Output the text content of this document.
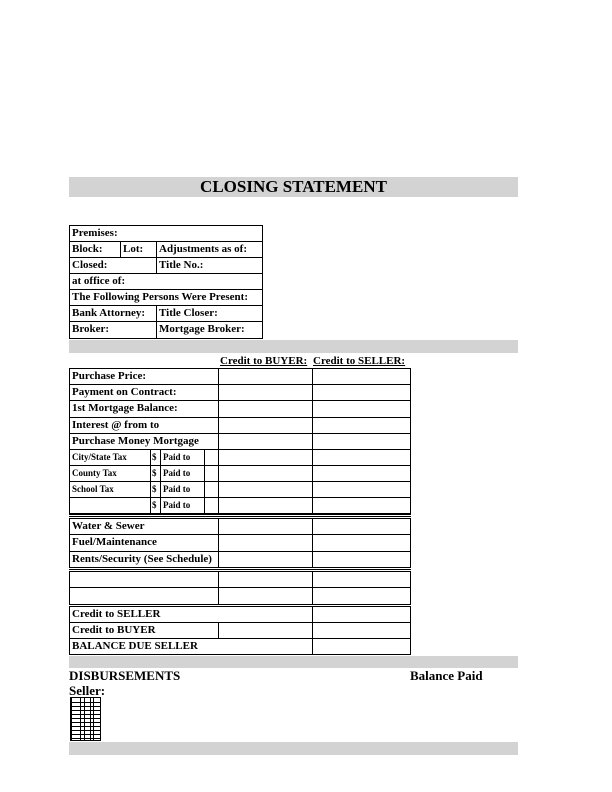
CLOSING STATEMENT
Premises:
Block:	Lot:	Adjustments as of:
Closed:	Title No.:
at office of:
The Following Persons Were Present:
Bank Attorney:	Title Closer:
Broker:	Mortgage Broker:
Credit to BUYER: Credit to SELLER:
Purchase Price:
Payment on Contract:
1st Mortgage Balance:
Interest @ from to
Purchase Money Mortgage
City/State Tax	$ Paid to
County Tax	$ Paid to
School Tax	$ Paid to
$ Paid to
Water & Sewer
Fuel/Maintenance
Rents/Security (See Schedule)
Credit to SELLER
Credit to BUYER
BALANCE DUE SELLER
DISBURSEMENTS	Balance Paid
Seller:
